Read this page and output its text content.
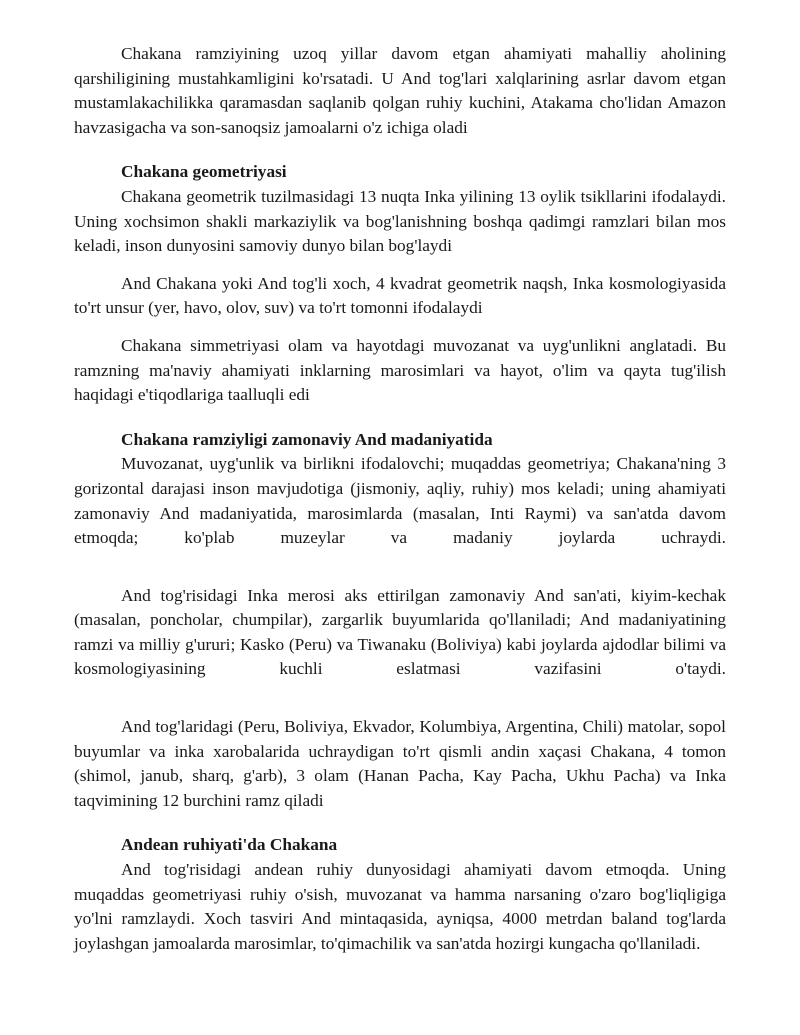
Chakana ramziyining uzoq yillar davom etgan ahamiyati mahalliy aholining qarshiligining mustahkamligini ko'rsatadi. U And tog'lari xalqlarining asrlar davom etgan mustamlakachilikka qaramasdan saqlanib qolgan ruhiy kuchini, Atakama cho'lidan Amazon havzasigacha va son-sanoqsiz jamoalarni o'z ichiga oladi

Chakana geometriyasi

Chakana geometrik tuzilmasidagi 13 nuqta Inka yilining 13 oylik tsikllarini ifodalaydi. Uning xochsimon shakli markaziylik va bog'lanishning boshqa qadimgi ramzlari bilan mos keladi, inson dunyosini samoviy dunyo bilan bog'laydi

And Chakana yoki And tog'li xoch, 4 kvadrat geometrik naqsh, Inka kosmologiyasida to'rt unsur (yer, havo, olov, suv) va to'rt tomonni ifodalaydi

Chakana simmetriyasi olam va hayotdagi muvozanat va uyg'unlikni anglatadi. Bu ramzning ma'naviy ahamiyati inklarning marosimlari va hayot, o'lim va qayta tug'ilish haqidagi e'tiqodlariga taalluqli edi

Chakana ramziyligi zamonaviy And madaniyatida

Muvozanat, uyg'unlik va birlikni ifodalovchi; muqaddas geometriya; Chakana'ning 3 gorizontal darajasi inson mavjudotiga (jismoniy, aqliy, ruhiy) mos keladi; uning ahamiyati zamonaviy And madaniyatida, marosimlarda (masalan, Inti Raymi) va san'atda davom etmoqda; ko'plab muzeylar va madaniy joylarda uchraydi.

And tog'risidagi Inka merosi aks ettirilgan zamonaviy And san'ati, kiyim-kechak (masalan, poncholar, chumpilar), zargarlik buyumlarida qo'llaniladi; And madaniyatining ramzi va milliy g'ururi; Kasko (Peru) va Tiwanaku (Boliviya) kabi joylarda ajdodlar bilimi va kosmologiyasining kuchli eslatmasi vazifasini o'taydi.

And tog'laridagi (Peru, Boliviya, Ekvador, Kolumbiya, Argentina, Chili) matolar, sopol buyumlar va inka xarobalarida uchraydigan to'rt qismli andin xaçasi Chakana, 4 tomon (shimol, janub, sharq, g'arb), 3 olam (Hanan Pacha, Kay Pacha, Ukhu Pacha) va Inka taqvimining 12 burchini ramz qiladi

Andean ruhiyati'da Chakana

And tog'risidagi andean ruhiy dunyosidagi ahamiyati davom etmoqda. Uning muqaddas geometriyasi ruhiy o'sish, muvozanat va hamma narsaning o'zaro bog'liqligiga yo'lni ramzlaydi. Xoch tasviri And mintaqasida, ayniqsa, 4000 metrdan baland tog'larda joylashgan jamoalarda marosimlar, to'qimachilik va san'atda hozirgi kungacha qo'llaniladi.
